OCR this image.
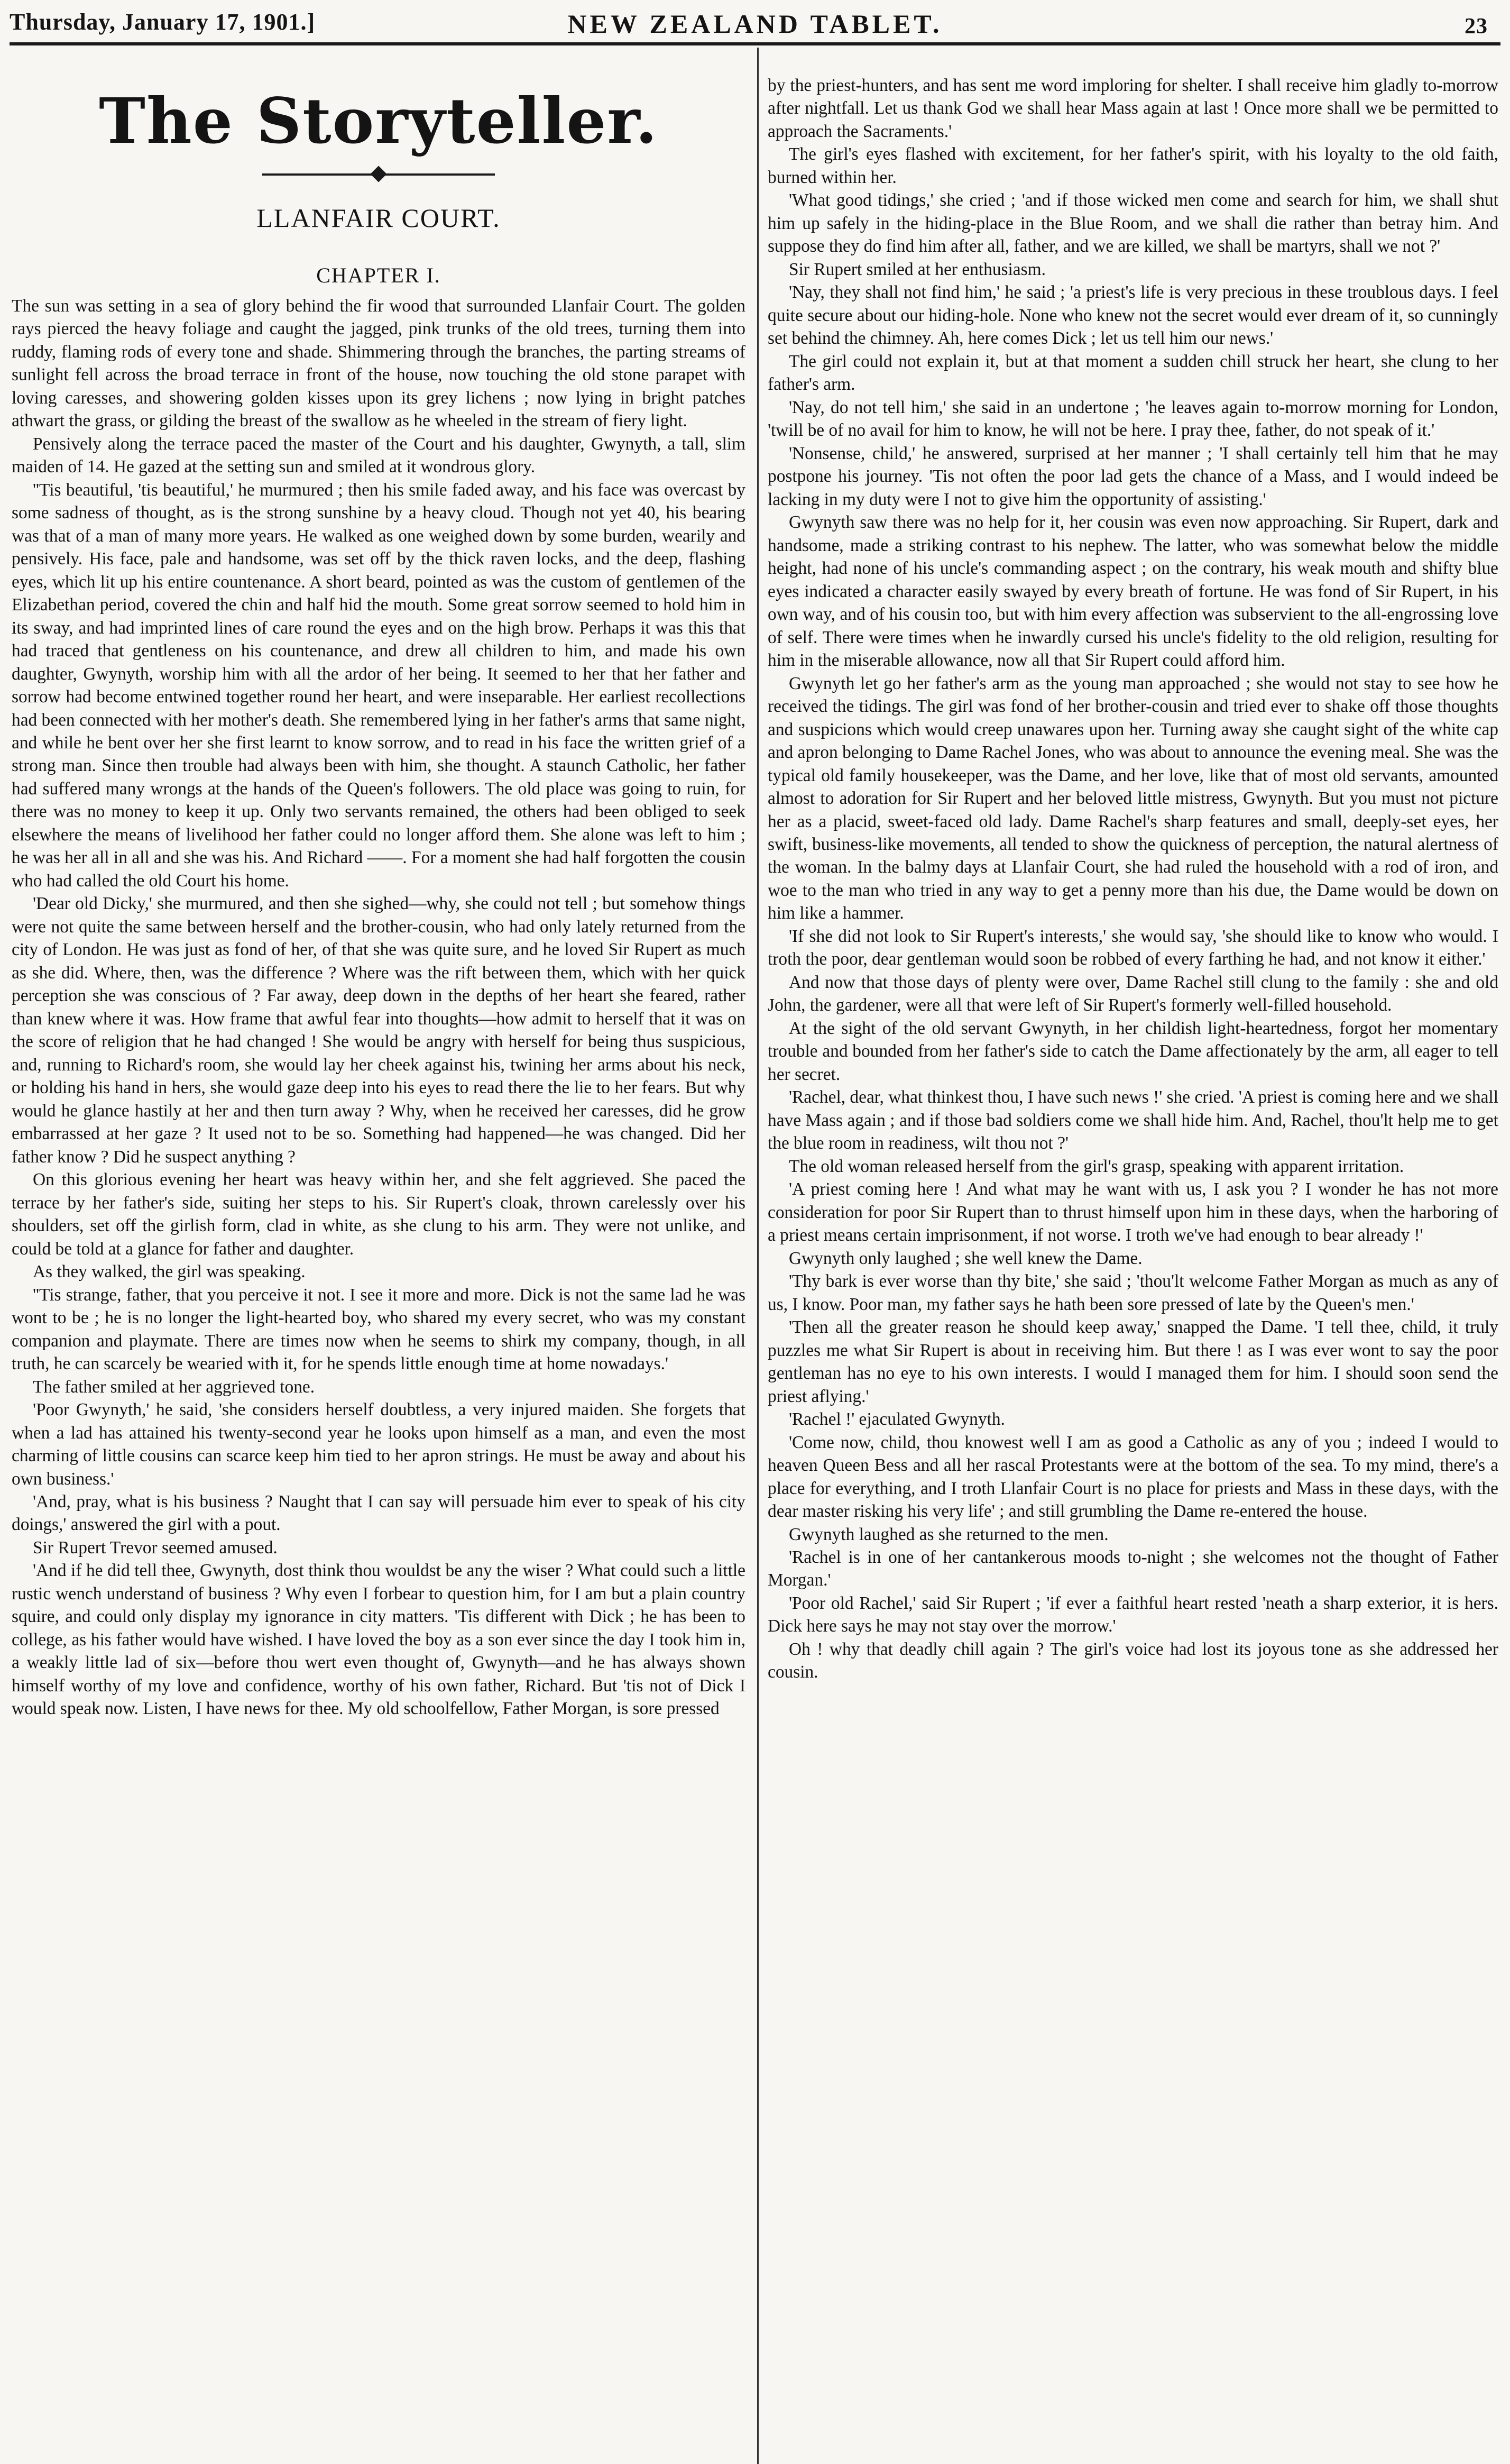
Thursday, January 17, 1901.]	NEW ZEALAND TABLET.	23
The Storyteller.
LLANFAIR COURT.
CHAPTER I.

The sun was setting in a sea of glory behind the fir wood that surrounded Llanfair Court. The golden rays pierced the heavy foliage and caught the jagged, pink trunks of the old trees, turning them into ruddy, flaming rods of every tone and shade. Shimmering through the branches, the parting streams of sunlight fell across the broad terrace in front of the house, now touching the old stone parapet with loving caresses, and showering golden kisses upon its grey lichens ; now lying in bright patches athwart the grass, or gilding the breast of the swallow as he wheeled in the stream of fiery light.

Pensively along the terrace paced the master of the Court and his daughter, Gwynyth, a tall, slim maiden of 14. He gazed at the setting sun and smiled at it wondrous glory.

''Tis beautiful, 'tis beautiful,' he murmured ; then his smile faded away, and his face was overcast by some sadness of thought, as is the strong sunshine by a heavy cloud. Though not yet 40, his bearing was that of a man of many more years. He walked as one weighed down by some burden, wearily and pensively. His face, pale and handsome, was set off by the thick raven locks, and the deep, flashing eyes, which lit up his entire countenance. A short beard, pointed as was the custom of gentlemen of the Elizabethan period, covered the chin and half hid the mouth. Some great sorrow seemed to hold him in its sway, and had imprinted lines of care round the eyes and on the high brow. Perhaps it was this that had traced that gentleness on his countenance, and drew all children to him, and made his own daughter, Gwynyth, worship him with all the ardor of her being. It seemed to her that her father and sorrow had become entwined together round her heart, and were inseparable. Her earliest recollections had been connected with her mother's death. She remembered lying in her father's arms that same night, and while he bent over her she first learnt to know sorrow, and to read in his face the written grief of a strong man. Since then trouble had always been with him, she thought. A staunch Catholic, her father had suffered many wrongs at the hands of the Queen's followers. The old place was going to ruin, for there was no money to keep it up. Only two servants remained, the others had been obliged to seek elsewhere the means of livelihood her father could no longer afford them. She alone was left to him ; he was her all in all and she was his. And Richard ——. For a moment she had half forgotten the cousin who had called the old Court his home.

'Dear old Dicky,' she murmured, and then she sighed—why, she could not tell ; but somehow things were not quite the same between herself and the brother-cousin, who had only lately returned from the city of London. He was just as fond of her, of that she was quite sure, and he loved Sir Rupert as much as she did. Where, then, was the difference ? Where was the rift between them, which with her quick perception she was conscious of ? Far away, deep down in the depths of her heart she feared, rather than knew where it was. How frame that awful fear into thoughts—how admit to herself that it was on the score of religion that he had changed ! She would be angry with herself for being thus suspicious, and, running to Richard's room, she would lay her cheek against his, twining her arms about his neck, or holding his hand in hers, she would gaze deep into his eyes to read there the lie to her fears. But why would he glance hastily at her and then turn away ? Why, when he received her caresses, did he grow embarrassed at her gaze ? It used not to be so. Something had happened—he was changed. Did her father know ? Did he suspect anything ?

On this glorious evening her heart was heavy within her, and she felt aggrieved. She paced the terrace by her father's side, suiting her steps to his. Sir Rupert's cloak, thrown carelessly over his shoulders, set off the girlish form, clad in white, as she clung to his arm. They were not unlike, and could be told at a glance for father and daughter.

As they walked, the girl was speaking.

''Tis strange, father, that you perceive it not. I see it more and more. Dick is not the same lad he was wont to be ; he is no longer the light-hearted boy, who shared my every secret, who was my constant companion and playmate. There are times now when he seems to shirk my company, though, in all truth, he can scarcely be wearied with it, for he spends little enough time at home nowadays.'

The father smiled at her aggrieved tone.

'Poor Gwynyth,' he said, 'she considers herself doubtless, a very injured maiden. She forgets that when a lad has attained his twenty-second year he looks upon himself as a man, and even the most charming of little cousins can scarce keep him tied to her apron strings. He must be away and about his own business.'

'And, pray, what is his business ? Naught that I can say will persuade him ever to speak of his city doings,' answered the girl with a pout.

Sir Rupert Trevor seemed amused.

'And if he did tell thee, Gwynyth, dost think thou wouldst be any the wiser ? What could such a little rustic wench understand of business ? Why even I forbear to question him, for I am but a plain country squire, and could only display my ignorance in city matters. 'Tis different with Dick ; he has been to college, as his father would have wished. I have loved the boy as a son ever since the day I took him in, a weakly little lad of six—before thou wert even thought of, Gwynyth—and he has always shown himself worthy of my love and confidence, worthy of his own father, Richard. But 'tis not of Dick I would speak now. Listen, I have news for thee. My old schoolfellow, Father Morgan, is sore pressed

by the priest-hunters, and has sent me word imploring for shelter. I shall receive him gladly to-morrow after nightfall. Let us thank God we shall hear Mass again at last ! Once more shall we be permitted to approach the Sacraments.'

The girl's eyes flashed with excitement, for her father's spirit, with his loyalty to the old faith, burned within her.

'What good tidings,' she cried ; 'and if those wicked men come and search for him, we shall shut him up safely in the hiding-place in the Blue Room, and we shall die rather than betray him. And suppose they do find him after all, father, and we are killed, we shall be martyrs, shall we not ?'

Sir Rupert smiled at her enthusiasm.

'Nay, they shall not find him,' he said ; 'a priest's life is very precious in these troublous days. I feel quite secure about our hiding-hole. None who knew not the secret would ever dream of it, so cunningly set behind the chimney. Ah, here comes Dick ; let us tell him our news.'

The girl could not explain it, but at that moment a sudden chill struck her heart, she clung to her father's arm.

'Nay, do not tell him,' she said in an undertone ; 'he leaves again to-morrow morning for London, 'twill be of no avail for him to know, he will not be here. I pray thee, father, do not speak of it.'

'Nonsense, child,' he answered, surprised at her manner ; 'I shall certainly tell him that he may postpone his journey. 'Tis not often the poor lad gets the chance of a Mass, and I would indeed be lacking in my duty were I not to give him the opportunity of assisting.'

Gwynyth saw there was no help for it, her cousin was even now approaching. Sir Rupert, dark and handsome, made a striking contrast to his nephew. The latter, who was somewhat below the middle height, had none of his uncle's commanding aspect ; on the contrary, his weak mouth and shifty blue eyes indicated a character easily swayed by every breath of fortune. He was fond of Sir Rupert, in his own way, and of his cousin too, but with him every affection was subservient to the all-engrossing love of self. There were times when he inwardly cursed his uncle's fidelity to the old religion, resulting for him in the miserable allowance, now all that Sir Rupert could afford him.

Gwynyth let go her father's arm as the young man approached ; she would not stay to see how he received the tidings. The girl was fond of her brother-cousin and tried ever to shake off those thoughts and suspicions which would creep unawares upon her. Turning away she caught sight of the white cap and apron belonging to Dame Rachel Jones, who was about to announce the evening meal. She was the typical old family housekeeper, was the Dame, and her love, like that of most old servants, amounted almost to adoration for Sir Rupert and her beloved little mistress, Gwynyth. But you must not picture her as a placid, sweet-faced old lady. Dame Rachel's sharp features and small, deeply-set eyes, her swift, business-like movements, all tended to show the quickness of perception, the natural alertness of the woman. In the balmy days at Llanfair Court, she had ruled the household with a rod of iron, and woe to the man who tried in any way to get a penny more than his due, the Dame would be down on him like a hammer.

'If she did not look to Sir Rupert's interests,' she would say, 'she should like to know who would. I troth the poor, dear gentleman would soon be robbed of every farthing he had, and not know it either.'

And now that those days of plenty were over, Dame Rachel still clung to the family : she and old John, the gardener, were all that were left of Sir Rupert's formerly well-filled household.

At the sight of the old servant Gwynyth, in her childish light-heartedness, forgot her momentary trouble and bounded from her father's side to catch the Dame affectionately by the arm, all eager to tell her secret.

'Rachel, dear, what thinkest thou, I have such news !' she cried. 'A priest is coming here and we shall have Mass again ; and if those bad soldiers come we shall hide him. And, Rachel, thou'lt help me to get the blue room in readiness, wilt thou not ?'

The old woman released herself from the girl's grasp, speaking with apparent irritation.

'A priest coming here ! And what may he want with us, I ask you ? I wonder he has not more consideration for poor Sir Rupert than to thrust himself upon him in these days, when the harboring of a priest means certain imprisonment, if not worse. I troth we've had enough to bear already !'

Gwynyth only laughed ; she well knew the Dame.

'Thy bark is ever worse than thy bite,' she said ; 'thou'lt welcome Father Morgan as much as any of us, I know. Poor man, my father says he hath been sore pressed of late by the Queen's men.'

'Then all the greater reason he should keep away,' snapped the Dame. 'I tell thee, child, it truly puzzles me what Sir Rupert is about in receiving him. But there ! as I was ever wont to say the poor gentleman has no eye to his own interests. I would I managed them for him. I should soon send the priest aflying.'

'Rachel !' ejaculated Gwynyth.

'Come now, child, thou knowest well I am as good a Catholic as any of you ; indeed I would to heaven Queen Bess and all her rascal Protestants were at the bottom of the sea. To my mind, there's a place for everything, and I troth Llanfair Court is no place for priests and Mass in these days, with the dear master risking his very life' ; and still grumbling the Dame re-entered the house.

Gwynyth laughed as she returned to the men.

'Rachel is in one of her cantankerous moods to-night ; she welcomes not the thought of Father Morgan.'

'Poor old Rachel,' said Sir Rupert ; 'if ever a faithful heart rested 'neath a sharp exterior, it is hers. Dick here says he may not stay over the morrow.'

Oh ! why that deadly chill again ? The girl's voice had lost its joyous tone as she addressed her cousin.
